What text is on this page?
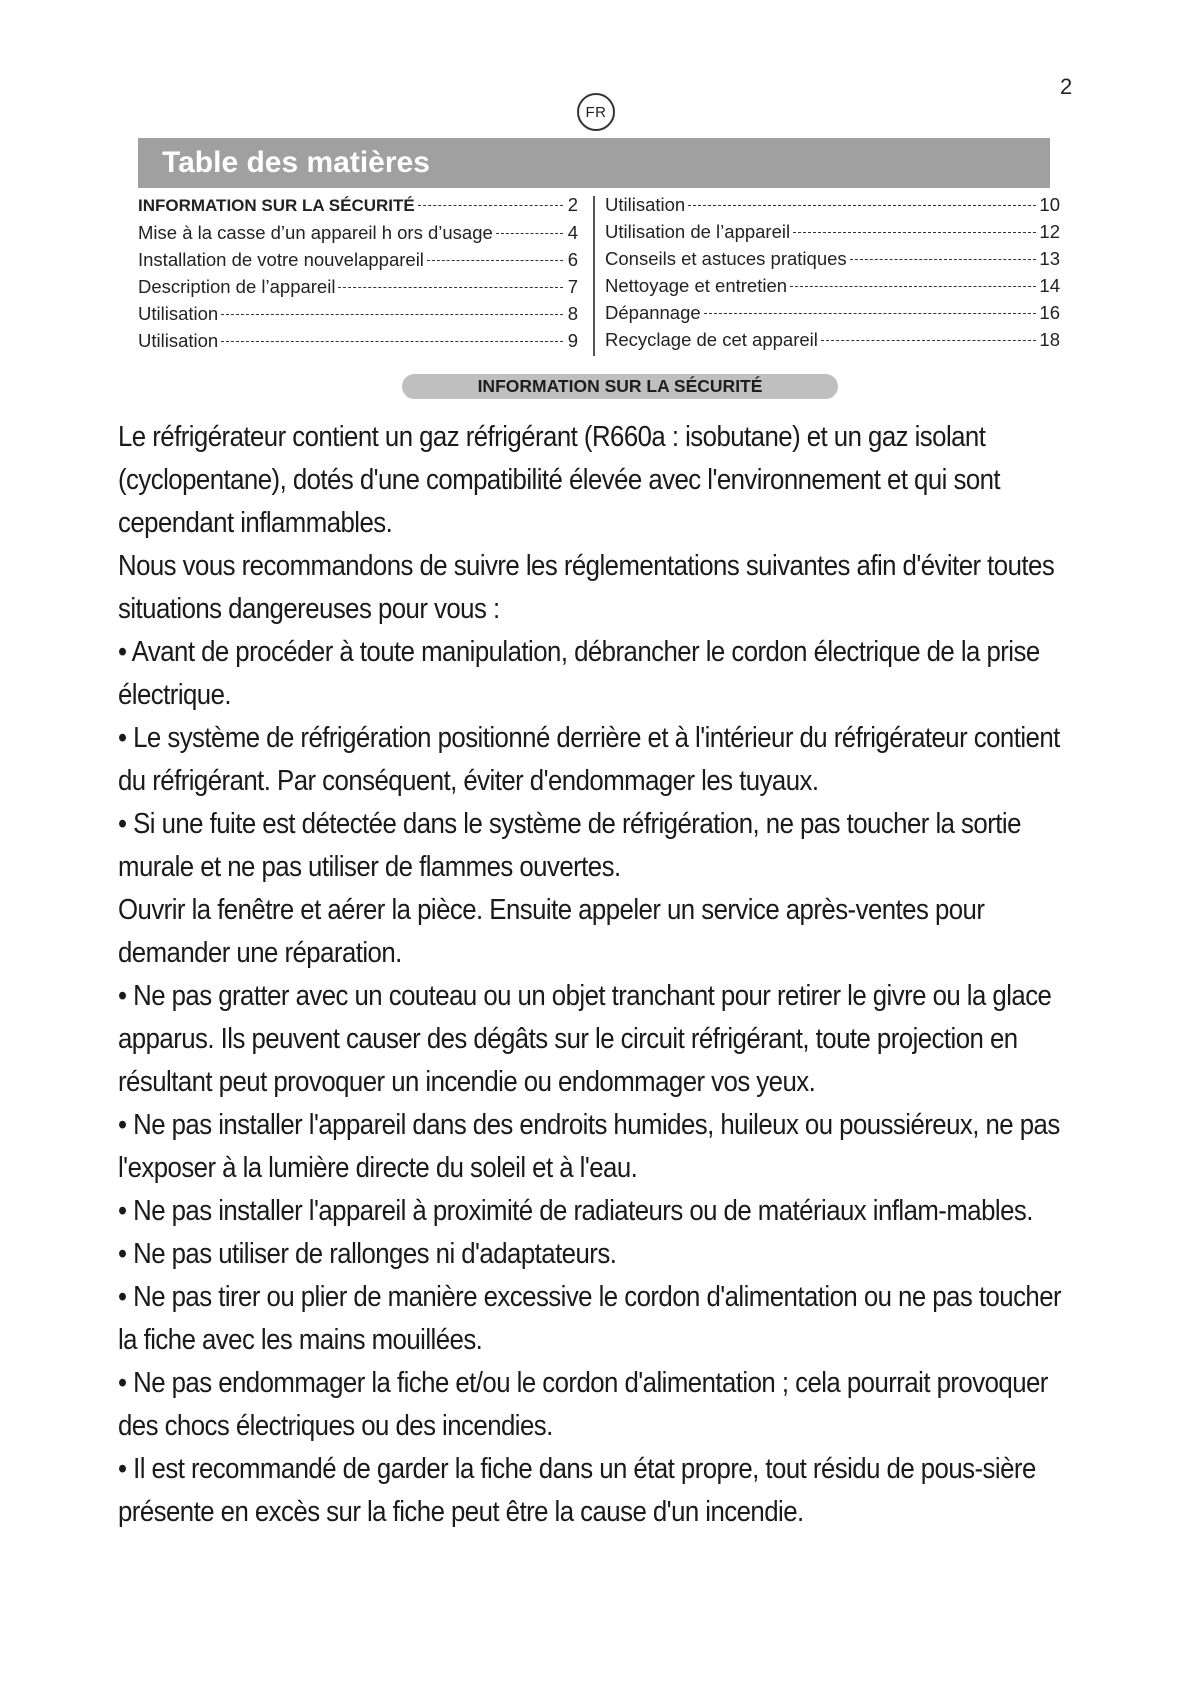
2
FR
Table des matières
INFORMATION SUR LA SÉCURITÉ	2
Mise à la casse d’un appareil h ors d’usage	4
Installation de votre nouvelappareil	6
Description de l’appareil	7
Utilisation	8
Utilisation	9
Utilisation	10
Utilisation de l’appareil	12
Conseils et astuces pratiques	13
Nettoyage et entretien	14
Dépannage	16
Recyclage de cet appareil	18
INFORMATION SUR LA SÉCURITÉ

Le réfrigérateur contient un gaz réfrigérant (R660a : isobutane) et un gaz isolant (cyclopentane), dotés d'une compatibilité élevée avec l'environnement et qui sont cependant inflammables.

Nous vous recommandons de suivre les réglementations suivantes afin d'éviter toutes situations dangereuses pour vous :

• Avant de procéder à toute manipulation, débrancher le cordon électrique de la prise électrique.

• Le système de réfrigération positionné derrière et à l'intérieur du réfrigérateur contient du réfrigérant. Par conséquent, éviter d'endommager les tuyaux.

• Si une fuite est détectée dans le système de réfrigération, ne pas toucher la sortie murale et ne pas utiliser de flammes ouvertes.

Ouvrir la fenêtre et aérer la pièce. Ensuite appeler un service après-ventes pour demander une réparation.

• Ne pas gratter avec un couteau ou un objet tranchant pour retirer le givre ou la glace apparus. Ils peuvent causer des dégâts sur le circuit réfrigérant, toute projection en résultant peut provoquer un incendie ou endommager vos yeux.

• Ne pas installer l'appareil dans des endroits humides, huileux ou poussiéreux, ne pas l'exposer à la lumière directe du soleil et à l'eau.

• Ne pas installer l'appareil à proximité de radiateurs ou de matériaux inflam-mables.

• Ne pas utiliser de rallonges ni d'adaptateurs.

• Ne pas tirer ou plier de manière excessive le cordon d'alimentation ou ne pas toucher la fiche avec les mains mouillées.

• Ne pas endommager la fiche et/ou le cordon d'alimentation ; cela pourrait provoquer des chocs électriques ou des incendies.

• Il est recommandé de garder la fiche dans un état propre, tout résidu de pous-sière présente en excès sur la fiche peut être la cause d'un incendie.
